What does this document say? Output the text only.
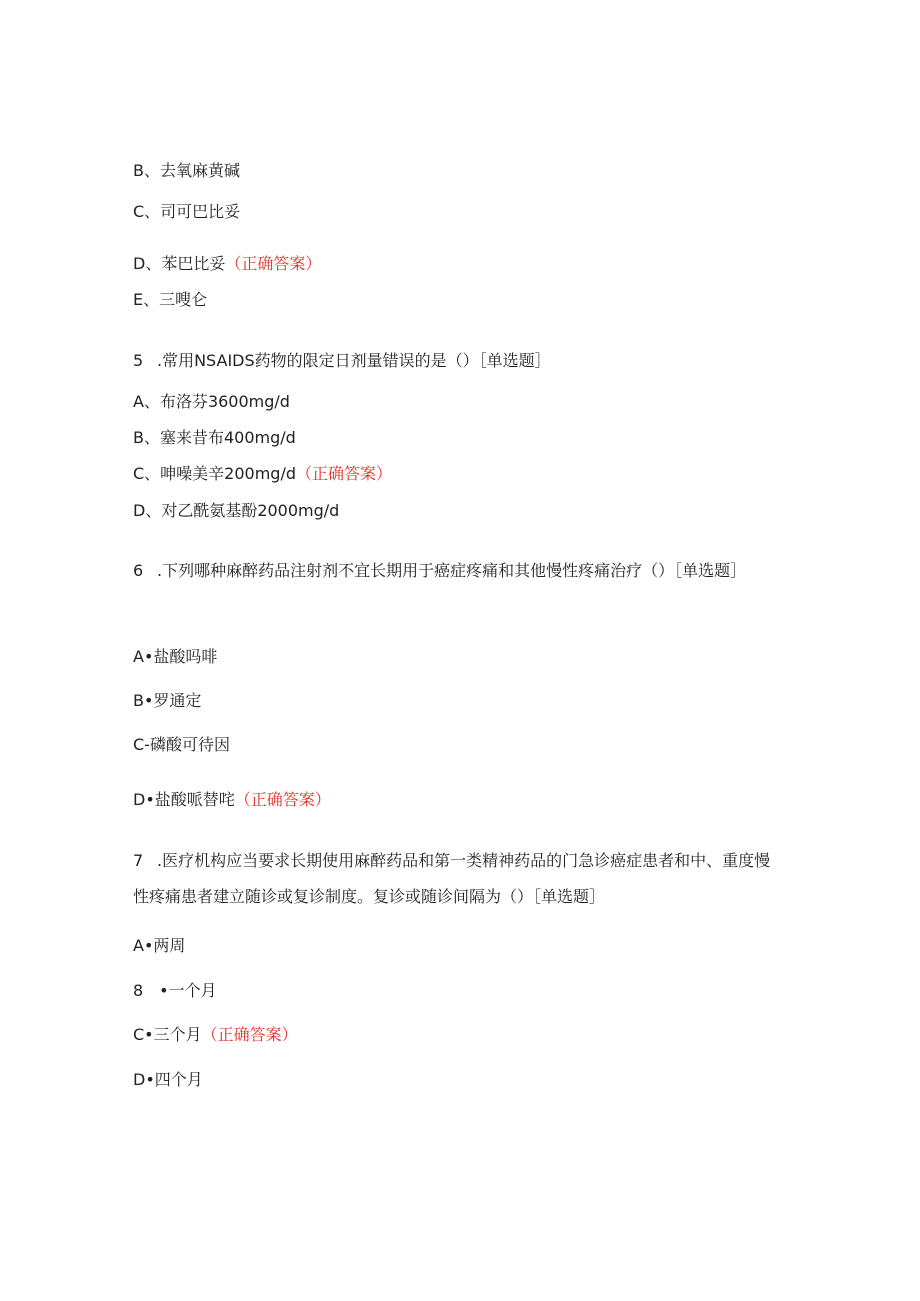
B、去氧麻黄碱
C、司可巴比妥
D、苯巴比妥（正确答案）
E、三嗖仑
5 .常用NSAIDS药物的限定日剂量错误的是（）［单选题］
A、布洛芬3600mg∕d
B、塞来昔布400mg∕d
C、呻噪美辛200mg∕d（正确答案）
D、对乙酰氨基酚2000mg∕d
6 .下列哪种麻醉药品注射剂不宜长期用于癌症疼痛和其他慢性疼痛治疗（）［单选题］
A•盐酸吗啡
B•罗通定
C-磷酸可待因
D•盐酸哌替咤（正确答案）
7 .医疗机构应当要求长期使用麻醉药品和第一类精神药品的门急诊癌症患者和中、重度慢性疼痛患者建立随诊或复诊制度。复诊或随诊间隔为（）［单选题］
A•两周
8　•一个月
C•三个月（正确答案）
D•四个月
